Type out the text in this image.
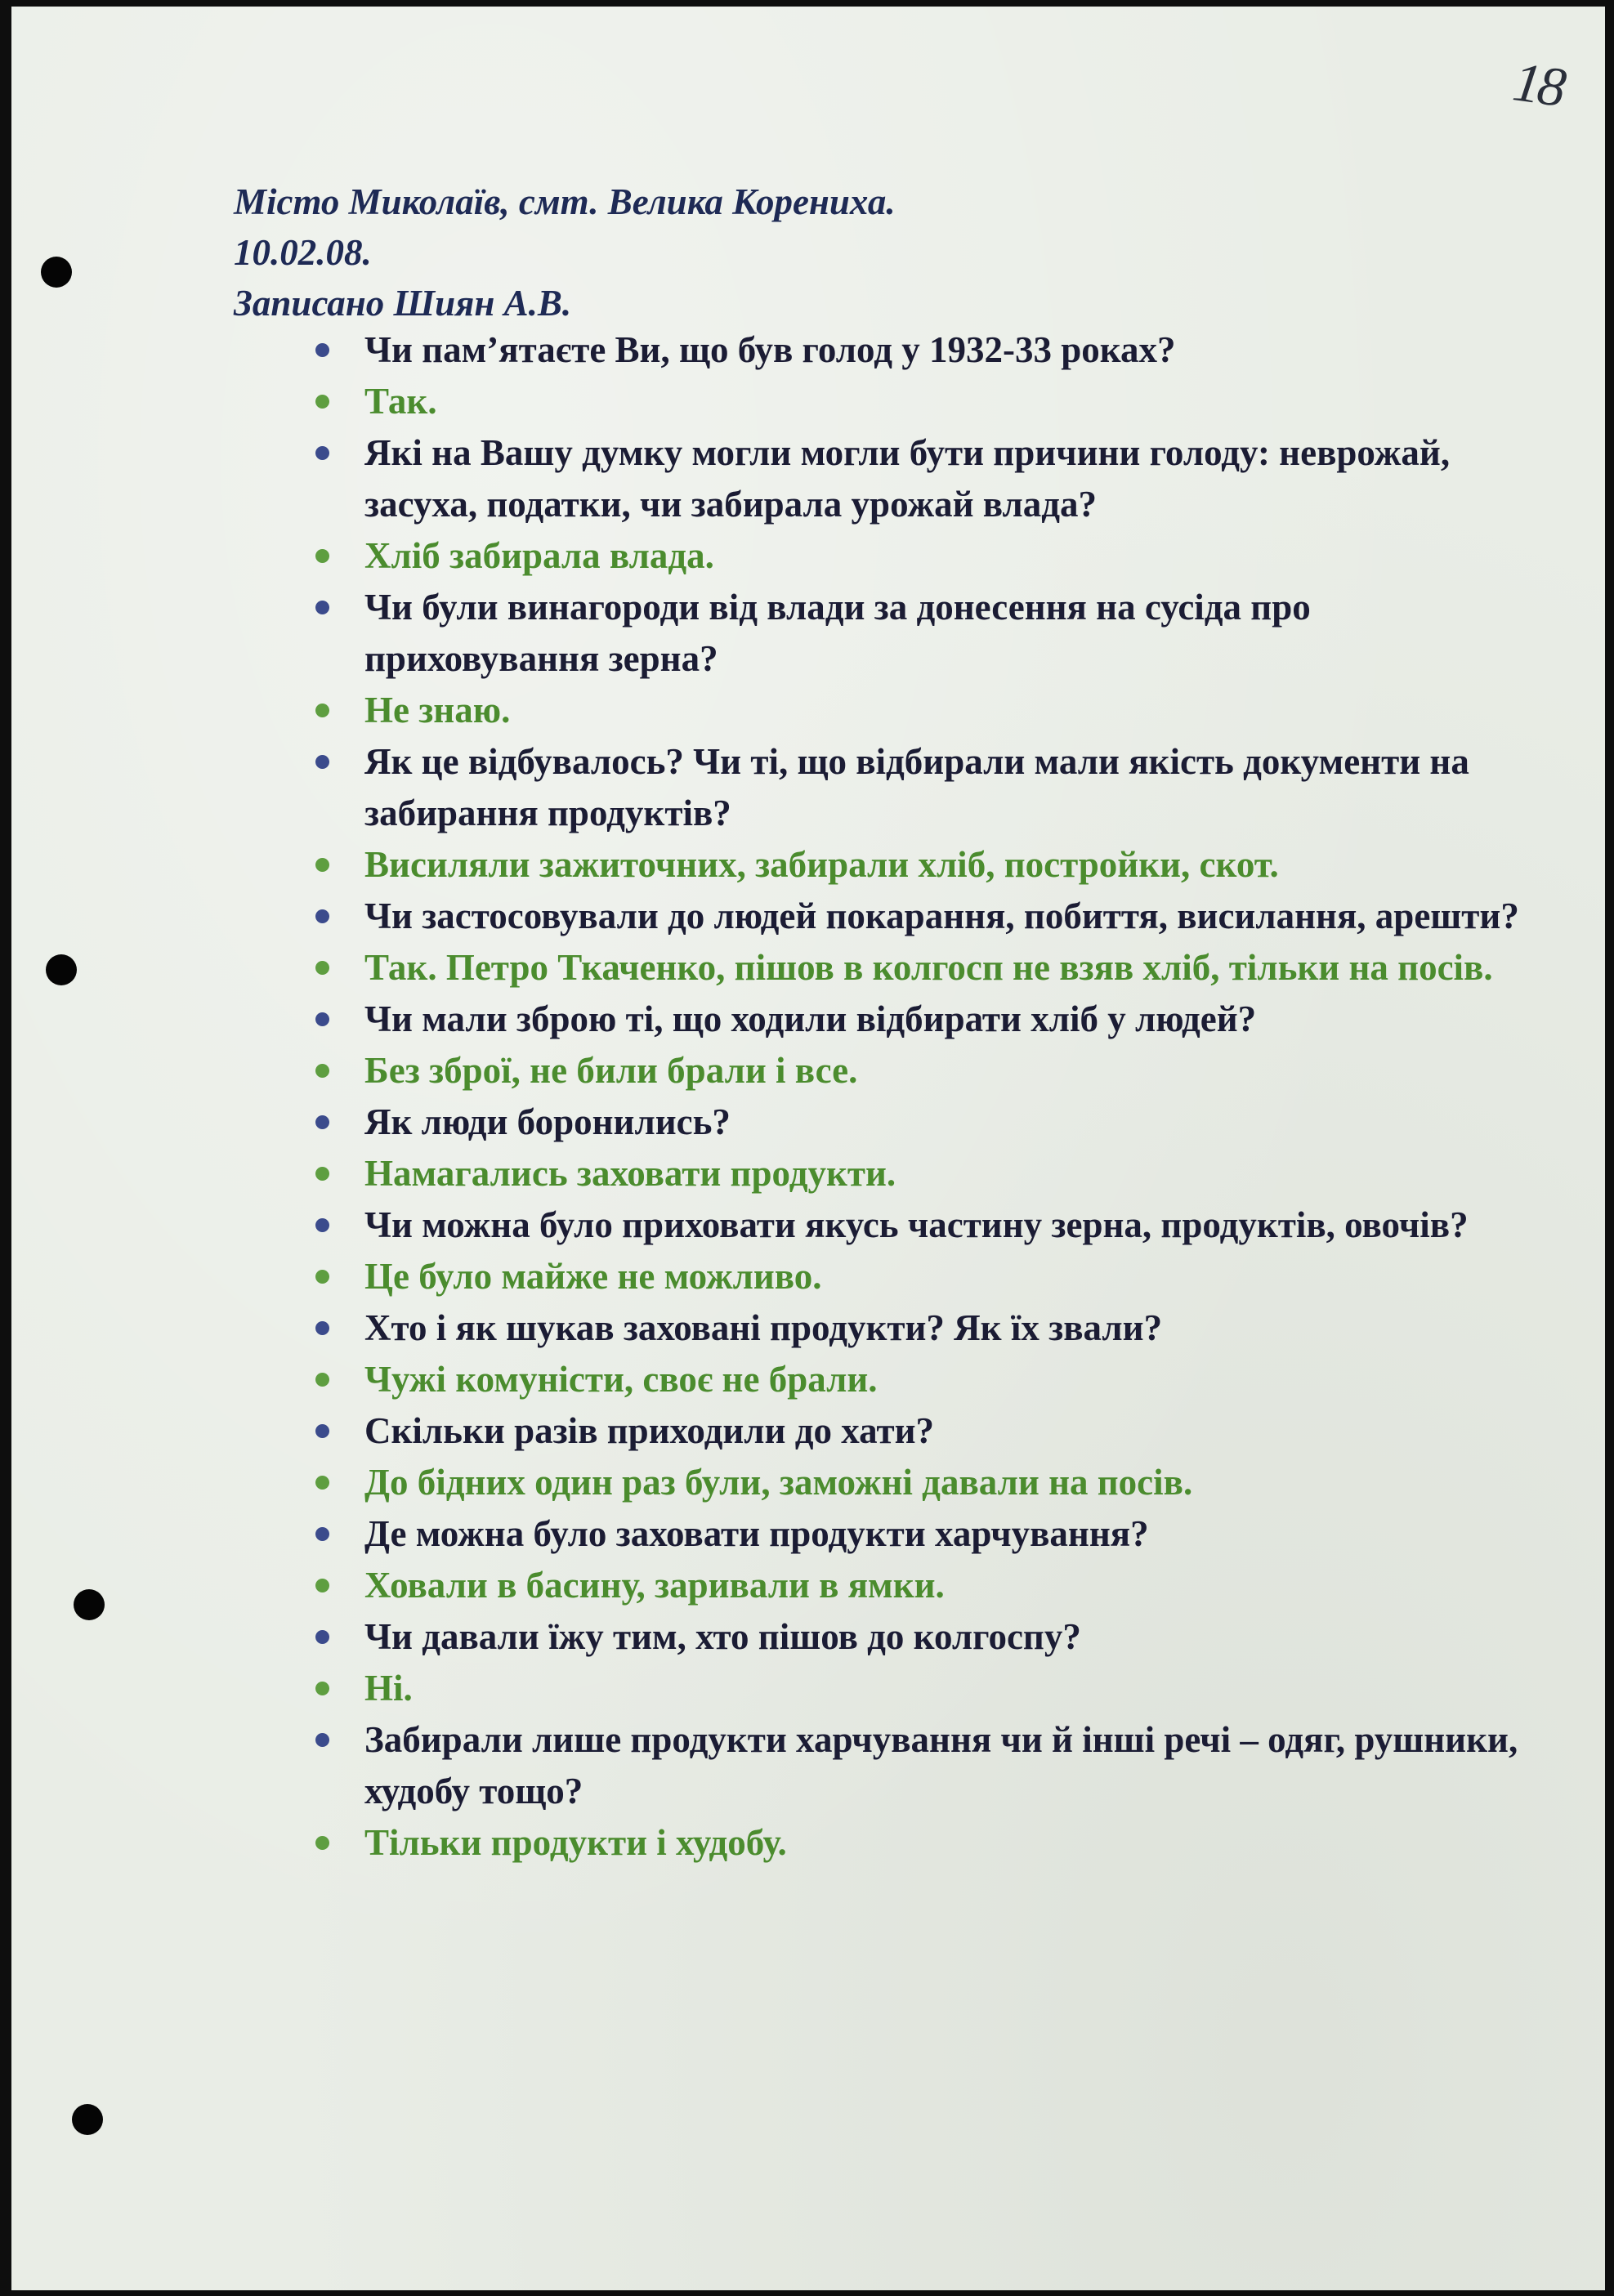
18
Місто Миколаїв, смт. Велика Корениха.
10.02.08.
Записано Шиян А.В.
Чи пам’ятаєте Ви, що був голод у 1932-33 роках?
Так.
Які на Вашу думку могли могли бути причини голоду: неврожай, засуха, податки, чи забирала урожай влада?
Хліб забирала влада.
Чи були винагороди від влади за донесення на сусіда про приховування зерна?
Не знаю.
Як це відбувалось? Чи ті, що відбирали мали якість документи на забирання продуктів?
Висиляли зажиточних, забирали хліб, постройки, скот.
Чи застосовували до людей покарання, побиття, висилання, арешти?
Так. Петро Ткаченко, пішов в колгосп не взяв хліб, тільки на посів.
Чи мали зброю ті, що ходили відбирати хліб у людей?
Без зброї, не били брали і все.
Як люди боронились?
Намагались заховати продукти.
Чи можна було приховати якусь частину зерна, продуктів, овочів?
Це було майже не можливо.
Хто і як шукав заховані продукти? Як їх звали?
Чужі комуністи, своє не брали.
Скільки разів приходили до хати?
До бідних один раз були, заможні давали на посів.
Де можна було заховати продукти харчування?
Ховали в басину, заривали в ямки.
Чи давали їжу тим, хто пішов до колгоспу?
Ні.
Забирали лише продукти харчування чи й інші речі – одяг, рушники, худобу тощо?
Тільки продукти і худобу.
